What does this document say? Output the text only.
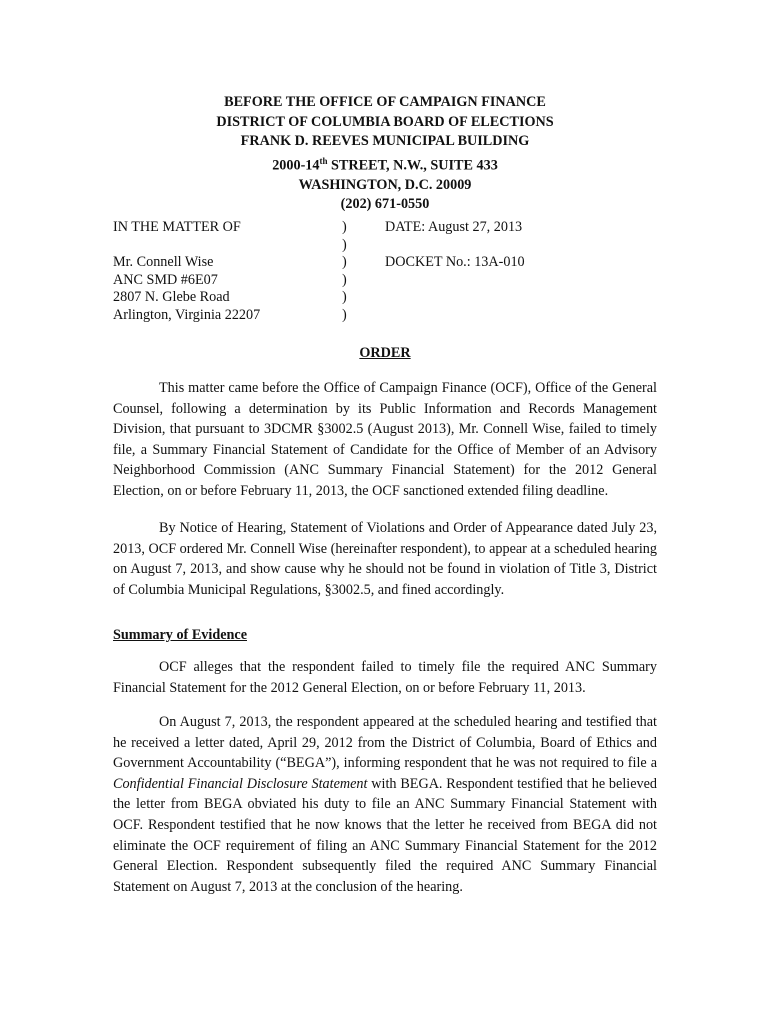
BEFORE THE OFFICE OF CAMPAIGN FINANCE
DISTRICT OF COLUMBIA BOARD OF ELECTIONS
FRANK D. REEVES MUNICIPAL BUILDING
2000-14th STREET, N.W., SUITE 433
WASHINGTON, D.C. 20009
(202) 671-0550
IN THE MATTER OF	)	DATE: August 27, 2013
)
Mr. Connell Wise	)	DOCKET No.: 13A-010
ANC SMD #6E07	)
2807 N. Glebe Road	)
Arlington, Virginia 22207	)
ORDER

This matter came before the Office of Campaign Finance (OCF), Office of the General Counsel, following a determination by its Public Information and Records Management Division, that pursuant to 3DCMR §3002.5 (August 2013), Mr. Connell Wise, failed to timely file, a Summary Financial Statement of Candidate for the Office of Member of an Advisory Neighborhood Commission (ANC Summary Financial Statement) for the 2012 General Election, on or before February 11, 2013, the OCF sanctioned extended filing deadline.

By Notice of Hearing, Statement of Violations and Order of Appearance dated July 23, 2013, OCF ordered Mr. Connell Wise (hereinafter respondent), to appear at a scheduled hearing on August 7, 2013, and show cause why he should not be found in violation of Title 3, District of Columbia Municipal Regulations, §3002.5, and fined accordingly.

Summary of Evidence

OCF alleges that the respondent failed to timely file the required ANC Summary Financial Statement for the 2012 General Election, on or before February 11, 2013.

On August 7, 2013, the respondent appeared at the scheduled hearing and testified that he received a letter dated, April 29, 2012 from the District of Columbia, Board of Ethics and Government Accountability (“BEGA”), informing respondent that he was not required to file a Confidential Financial Disclosure Statement with BEGA. Respondent testified that he believed the letter from BEGA obviated his duty to file an ANC Summary Financial Statement with OCF. Respondent testified that he now knows that the letter he received from BEGA did not eliminate the OCF requirement of filing an ANC Summary Financial Statement for the 2012 General Election. Respondent subsequently filed the required ANC Summary Financial Statement on August 7, 2013 at the conclusion of the hearing.
